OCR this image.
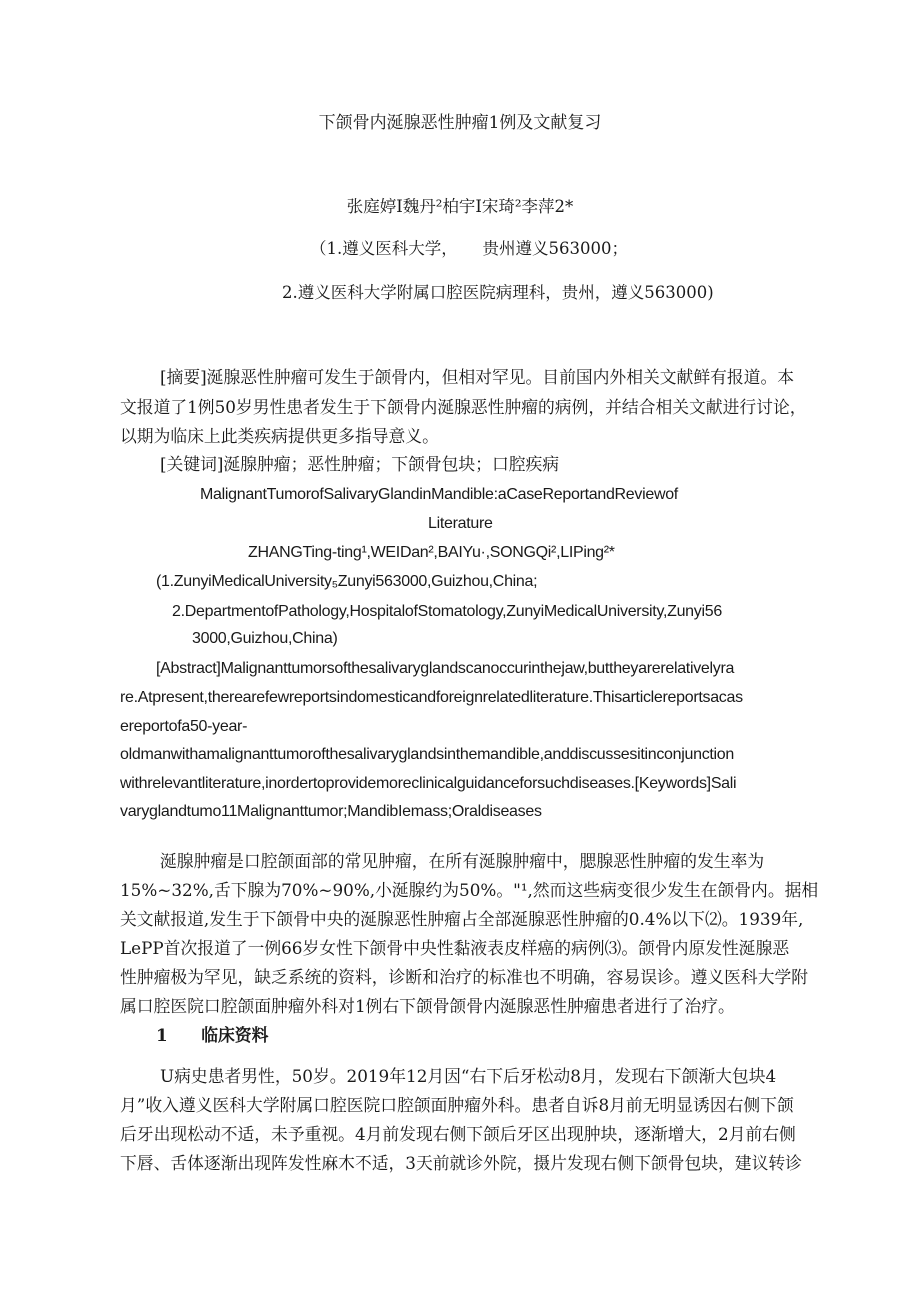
下颌骨内涎腺恶性肿瘤1例及文献复习
张庭婷I魏丹²柏宇I宋琦²李萍2*
（1.遵义医科大学，　　贵州遵义563000；
2.遵义医科大学附属口腔医院病理科，贵州，遵义563000)
[摘要]涎腺恶性肿瘤可发生于颌骨内，但相对罕见。目前国内外相关文献鲜有报道。本
文报道了1例50岁男性患者发生于下颌骨内涎腺恶性肿瘤的病例，并结合相关文献进行讨论，
以期为临床上此类疾病提供更多指导意义。
[关键词]涎腺肿瘤；恶性肿瘤；下颌骨包块；口腔疾病
MalignantTumorofSalivaryGlandinMandible:aCaseReportandReviewof
Literature
ZHANGTing-ting¹,WEIDan²,BAIYu·,SONGQi²,LIPing²*
(1.ZunyiMedicalUniversity₅Zunyi563000,Guizhou,China;
2.DepartmentofPathology,HospitalofStomatology,ZunyiMedicalUniversity,Zunyi56
3000,Guizhou,China)
[Abstract]Malignanttumorsofthesalivaryglandscanoccurinthejaw,buttheyarerelativelyra
re.Atpresent,therearefewreportsindomesticandforeignrelatedliterature.Thisarticlereportsacas
ereportofa50-year-
oldmanwithamalignanttumorofthesalivaryglandsinthemandible,anddiscussesitinconjunction
withrelevantliterature,inordertoprovidemoreclinicalguidanceforsuchdiseases.[Keywords]Sali
varyglandtumo11Malignanttumor;MandibIemass;Oraldiseases
涎腺肿瘤是口腔颌面部的常见肿瘤，在所有涎腺肿瘤中，腮腺恶性肿瘤的发生率为
15%~32%,舌下腺为70%~90%,小涎腺约为50%。"¹,然而这些病变很少发生在颌骨内。据相
关文献报道,发生于下颌骨中央的涎腺恶性肿瘤占全部涎腺恶性肿瘤的0.4%以下⑵。1939年,
LePP首次报道了一例66岁女性下颌骨中央性黏液表皮样癌的病例⑶。颌骨内原发性涎腺恶
性肿瘤极为罕见，缺乏系统的资料，诊断和治疗的标准也不明确，容易误诊。遵义医科大学附
属口腔医院口腔颌面肿瘤外科对1例右下颌骨颌骨内涎腺恶性肿瘤患者进行了治疗。
1　　临床资料
U病史患者男性，50岁。2019年12月因“右下后牙松动8月，发现右下颌渐大包块4
月”收入遵义医科大学附属口腔医院口腔颌面肿瘤外科。患者自诉8月前无明显诱因右侧下颌
后牙出现松动不适，未予重视。4月前发现右侧下颌后牙区出现肿块，逐渐增大，2月前右侧
下唇、舌体逐渐出现阵发性麻木不适，3天前就诊外院，摄片发现右侧下颌骨包块，建议转诊
